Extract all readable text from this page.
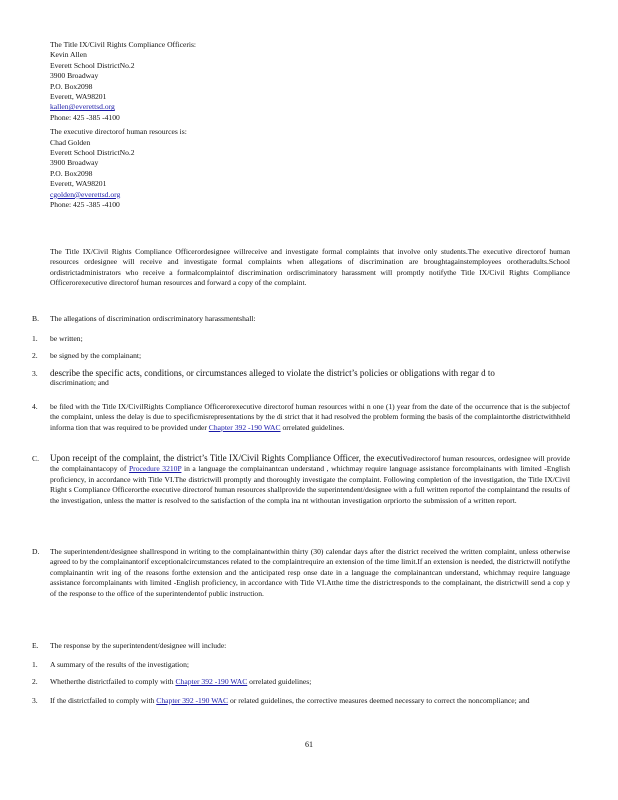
The Title IX/Civil Rights Compliance Officeris:
Kevin Allen
Everett School DistrictNo.2
3900 Broadway
P.O. Box2098
Everett, WA98201
kallen@everettsd.org
Phone: 425 -385 -4100
The executive directorof human resources is:
Chad Golden
Everett School DistrictNo.2
3900 Broadway
P.O. Box2098
Everett, WA98201
cgolden@everettsd.org
Phone: 425 -385 -4100
The Title IX/Civil Rights Compliance Officerordesignee willreceive and investigate formal complaints that involve only students.The executive directorof human resources ordesignee will receive and investigate formal complaints when allegations of discrimination are broughtagainstemployees orotheradults.School ordistrictadministrators who receive a formalcomplaintof discrimination ordiscriminatory harassment will promptly notifythe Title IX/Civil Rights Compliance Officerorexecutive directorof human resources and forward a copy of the complaint.
B. The allegations of discrimination ordiscriminatory harassmentshall:
1. be written;
2. be signed by the complainant;
3. describe the specific acts, conditions, or circumstances alleged to violate the district’s policies or obligations with regar d to
discrimination; and
4. be filed with the Title IX/CivilRights Compliance Officerorexecutive directorof human resources withi n one (1) year from the date of the occurrence that is the subjectof the complaint, unless the delay is due to specificmisrepresentations by the di strict that it had resolved the problem forming the basis of the complaintorthe districtwithheld informa tion that was required to be provided under Chapter 392 -190 WAC orrelated guidelines.
C. Upon receipt of the complaint, the district’s Title IX/Civil Rights Compliance Officer, the executivedirectorof human resources, ordesignee will provide the complainantacopy of Procedure 3210P in a language the complainantcan understand , whichmay require language assistance forcomplainants with limited -English proficiency, in accordance with Title VI.The districtwill promptly and thoroughly investigate the complaint. Following completion of the investigation, the Title IX/Civil Right s Compliance Officerorthe executive directorof human resources shallprovide the superintendent/designee with a full written reportof the complaintand the results of the investigation, unless the matter is resolved to the satisfaction of the compla ina nt withoutan investigation orpriorto the submission of a written report.
D. The superintendent/designee shallrespond in writing to the complainantwithin thirty (30) calendar days after the district received the written complaint, unless otherwise agreed to by the complainantorif exceptionalcircumstances related to the complaintrequire an extension of the time limit.If an extension is needed, the districtwill notifythe complainantin writ ing of the reasons forthe extension and the anticipated resp onse date in a language the complainantcan understand, whichmay require language assistance forcomplainants with limited -English proficiency, in accordance with Title VI.Atthe time the districtresponds to the complainant, the districtwill send a cop y of the response to the office of the superintendentof public instruction.
E. The response by the superintendent/designee will include:
1. A summary of the results of the investigation;
2. Whetherthe districtfailed to comply with Chapter 392 -190 WAC orrelated guidelines;
3. If the districtfailed to comply with Chapter 392 -190 WAC or related guidelines, the corrective measures deemed necessary to correct the noncompliance; and
61
